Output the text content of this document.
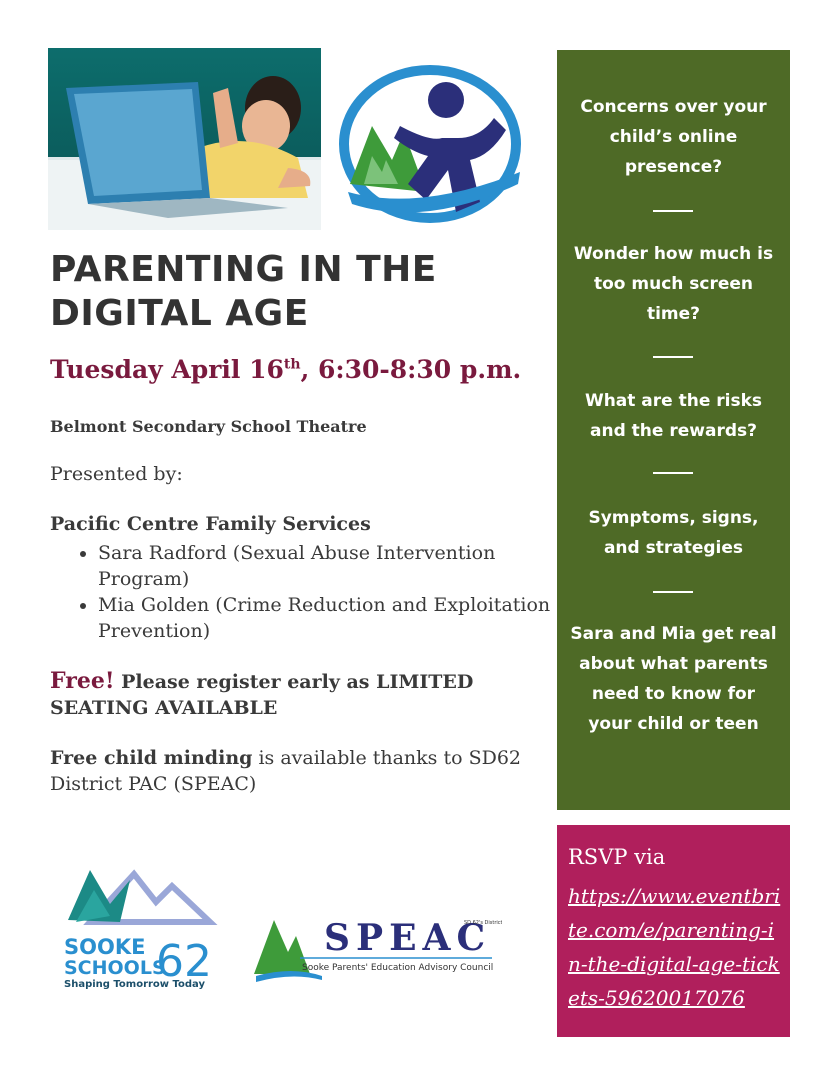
PARENTING IN THE
DIGITAL AGE
Tuesday April 16th, 6:30-8:30 p.m.
Belmont Secondary School Theatre
Presented by:
Pacific Centre Family Services
• Sara Radford (Sexual Abuse Intervention Program)
• Mia Golden (Crime Reduction and Exploitation Prevention)
Free! Please register early as LIMITED SEATING AVAILABLE
Free child minding is available thanks to SD62 District PAC (SPEAC)
Concerns over your child’s online presence?
Wonder how much is too much screen time?
What are the risks and the rewards?
Symptoms, signs, and strategies
Sara and Mia get real about what parents need to know for your child or teen
RSVP via
https://www.eventbrite.com/e/parenting-in-the-digital-age-tickets-59620017076
SOOKE
SCHOOLS
62
Shaping Tomorrow Today
SPEAC
SD 62's District
Sooke Parents' Education Advisory Council
